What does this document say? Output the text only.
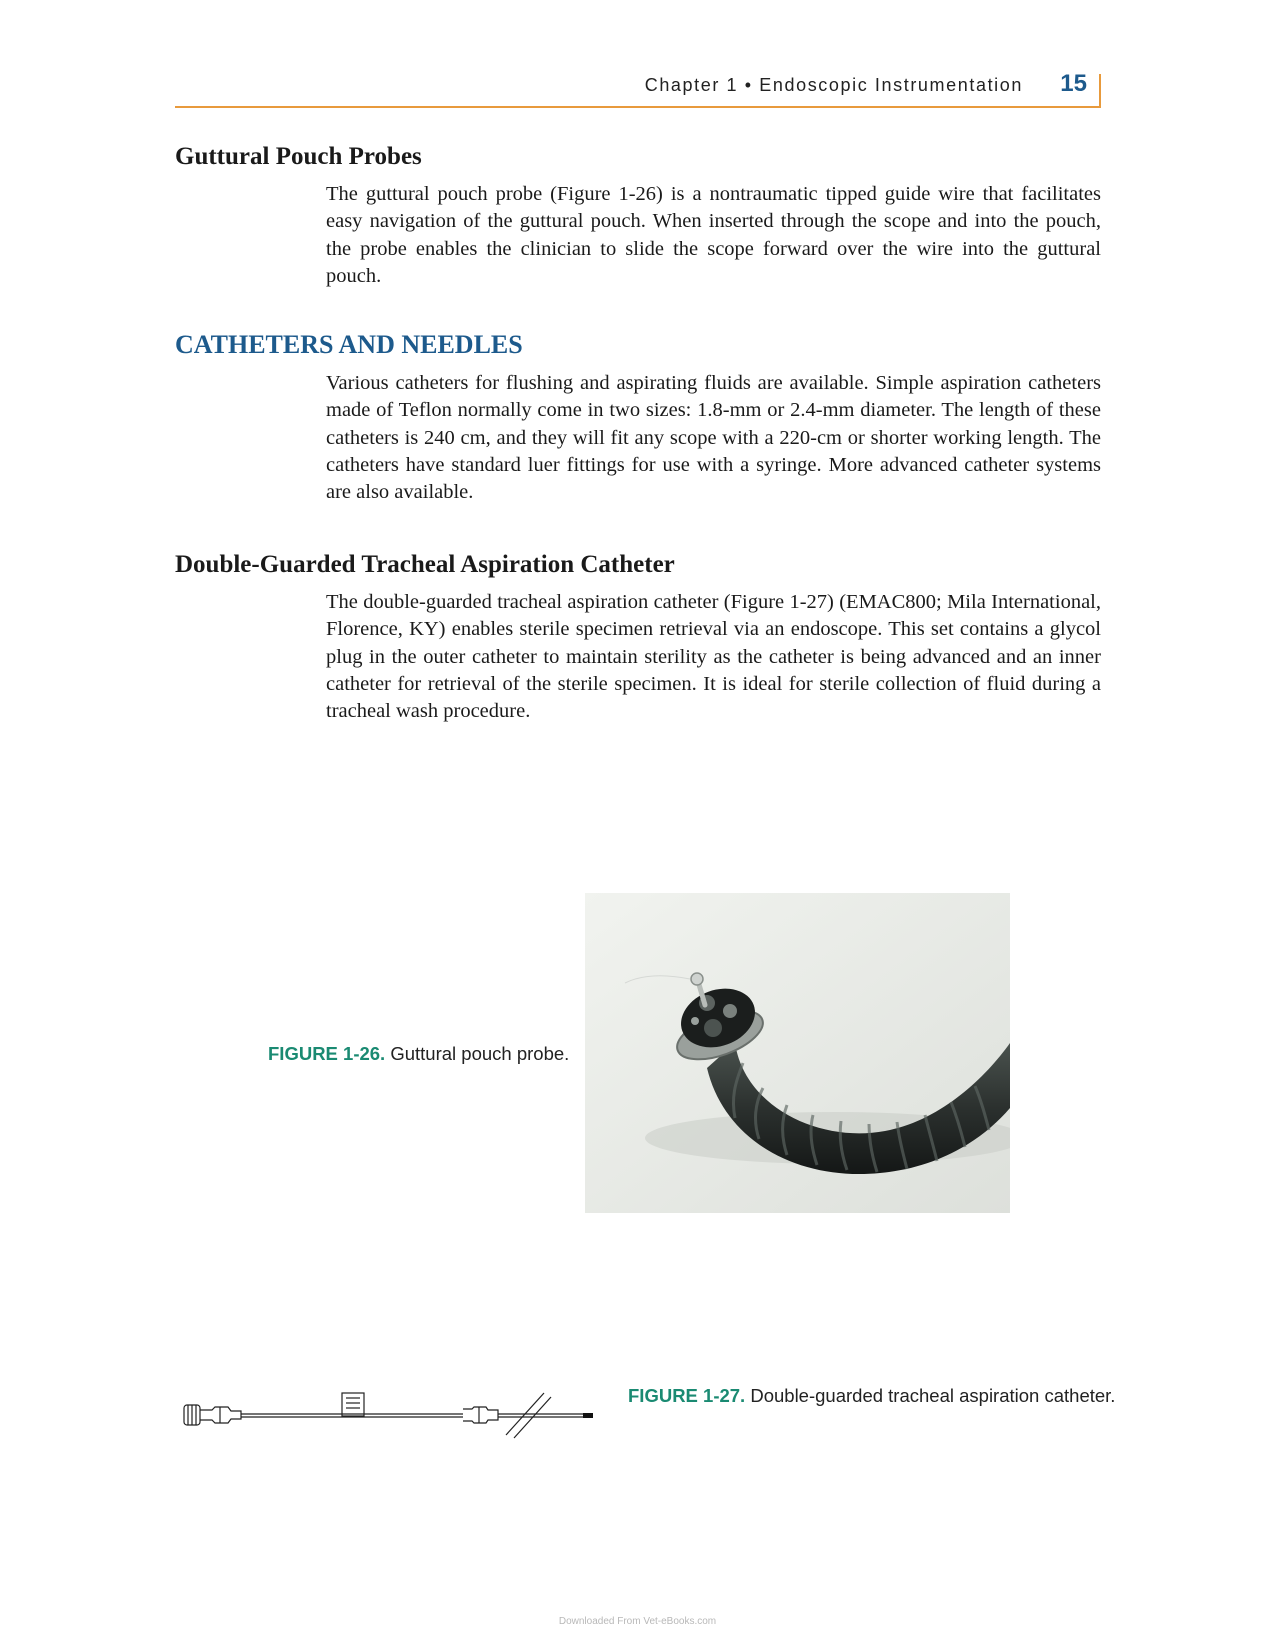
Chapter 1 • Endoscopic Instrumentation 15
Guttural Pouch Probes

The guttural pouch probe (Figure 1-26) is a nontraumatic tipped guide wire that facilitates easy navigation of the guttural pouch. When inserted through the scope and into the pouch, the probe enables the clinician to slide the scope forward over the wire into the guttural pouch.

CATHETERS AND NEEDLES

Various catheters for flushing and aspirating fluids are available. Simple aspiration catheters made of Teflon normally come in two sizes: 1.8-mm or 2.4-mm diameter. The length of these catheters is 240 cm, and they will fit any scope with a 220-cm or shorter working length. The catheters have standard luer fittings for use with a syringe. More advanced catheter systems are also available.

Double-Guarded Tracheal Aspiration Catheter

The double-guarded tracheal aspiration catheter (Figure 1-27) (EMAC800; Mila International, Florence, KY) enables sterile specimen retrieval via an endoscope. This set contains a glycol plug in the outer catheter to maintain sterility as the catheter is being advanced and an inner catheter for retrieval of the sterile specimen. It is ideal for sterile collection of fluid during a tracheal wash procedure.

FIGURE 1-26. Guttural pouch probe.
FIGURE 1-27. Double-guarded tracheal aspiration catheter.
Downloaded From Vet-eBooks.com
